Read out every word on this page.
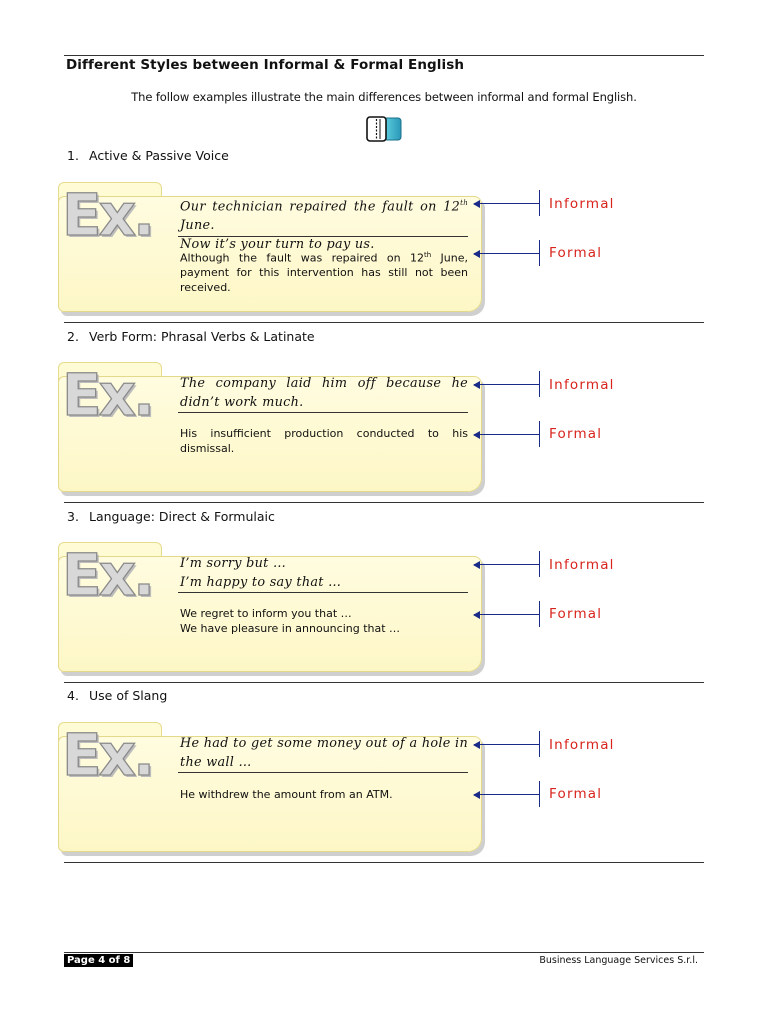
Different Styles between Informal & Formal English
The follow examples illustrate the main differences between informal and formal English.
1. Active & Passive Voice
Ex. Our technician repaired the fault on 12th June.
Now it’s your turn to pay us.
Although the fault was repaired on 12th June, payment for this intervention has still not been received.
Informal
Formal
2. Verb Form: Phrasal Verbs & Latinate
Ex. The company laid him off because he didn’t work much.
His insufficient production conducted to his dismissal.
Informal
Formal
3. Language: Direct & Formulaic
Ex. I’m sorry but …
I’m happy to say that …
We regret to inform you that …
We have pleasure in announcing that …
Informal
Formal
4. Use of Slang
Ex. He had to get some money out of a hole in the wall …
He withdrew the amount from an ATM.
Informal
Formal
Page 4 of 8	Business Language Services S.r.l.
